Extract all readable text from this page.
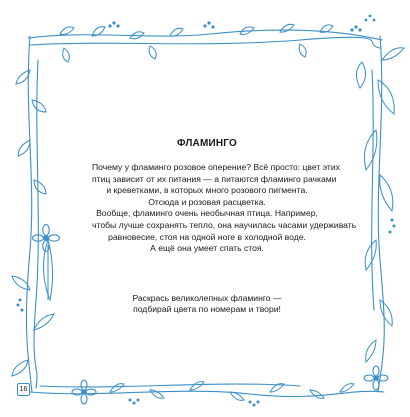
ФЛАМИНГО

Почему у фламинго розовое оперение? Всё просто: цвет этих
птиц зависит от их питания — а питаются фламинго рачками
и креветками, в которых много розового пигмента.
Отсюда и розовая расцветка.
Вообще, фламинго очень необычная птица. Например,
чтобы лучше сохранять тепло, она научилась часами удерживать
равновесие, стоя на одной ноге в холодной воде.
А ещё она умеет спать стоя.

Раскрась великолепных фламинго —
подбирай цвета по номерам и твори!

16
